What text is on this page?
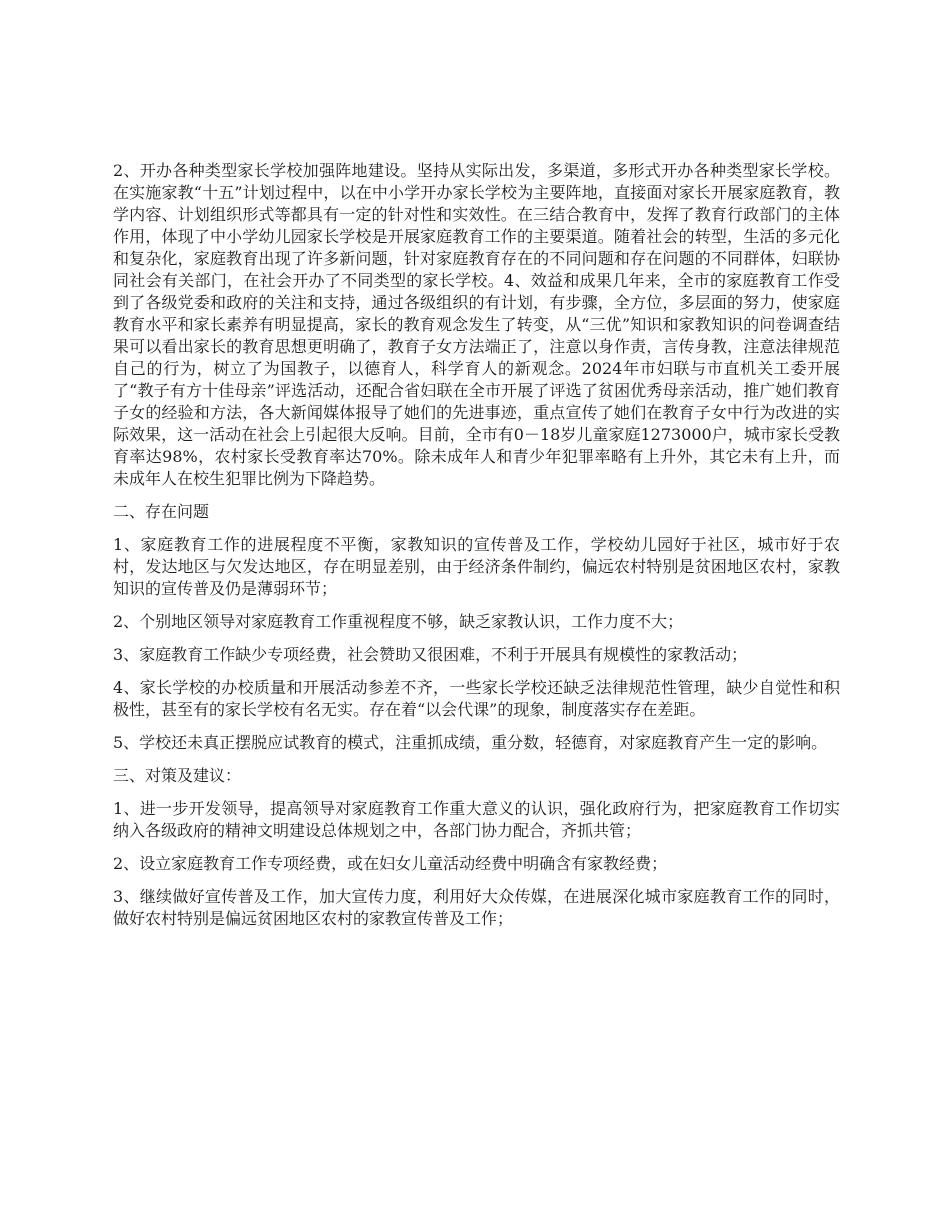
2、开办各种类型家长学校加强阵地建设。坚持从实际出发，多渠道，多形式开办各种类型家长学校。在实施家教“十五”计划过程中，以在中小学开办家长学校为主要阵地，直接面对家长开展家庭教育，教学内容、计划组织形式等都具有一定的针对性和实效性。在三结合教育中，发挥了教育行政部门的主体作用，体现了中小学幼儿园家长学校是开展家庭教育工作的主要渠道。随着社会的转型，生活的多元化和复杂化，家庭教育出现了许多新问题，针对家庭教育存在的不同问题和存在问题的不同群体，妇联协同社会有关部门，在社会开办了不同类型的家长学校。4、效益和成果几年来，全市的家庭教育工作受到了各级党委和政府的关注和支持，通过各级组织的有计划，有步骤，全方位，多层面的努力，使家庭教育水平和家长素养有明显提高，家长的教育观念发生了转变，从“三优”知识和家教知识的问卷调查结果可以看出家长的教育思想更明确了，教育子女方法端正了，注意以身作责，言传身教，注意法律规范自己的行为，树立了为国教子，以德育人，科学育人的新观念。2024年市妇联与市直机关工委开展了“教子有方十佳母亲”评选活动，还配合省妇联在全市开展了评选了贫困优秀母亲活动，推广她们教育子女的经验和方法，各大新闻媒体报导了她们的先进事迹，重点宣传了她们在教育子女中行为改进的实际效果，这一活动在社会上引起很大反响。目前，全市有0－18岁儿童家庭1273000户，城市家长受教育率达98%，农村家长受教育率达70%。除未成年人和青少年犯罪率略有上升外，其它未有上升，而未成年人在校生犯罪比例为下降趋势。

二、存在问题

1、家庭教育工作的进展程度不平衡，家教知识的宣传普及工作，学校幼儿园好于社区，城市好于农村，发达地区与欠发达地区，存在明显差别，由于经济条件制约，偏远农村特别是贫困地区农村，家教知识的宣传普及仍是薄弱环节；

2、个别地区领导对家庭教育工作重视程度不够，缺乏家教认识，工作力度不大；

3、家庭教育工作缺少专项经费，社会赞助又很困难，不利于开展具有规模性的家教活动；

4、家长学校的办校质量和开展活动参差不齐，一些家长学校还缺乏法律规范性管理，缺少自觉性和积极性，甚至有的家长学校有名无实。存在着“以会代课”的现象，制度落实存在差距。

5、学校还未真正摆脱应试教育的模式，注重抓成绩，重分数，轻德育，对家庭教育产生一定的影响。

三、对策及建议：

1、进一步开发领导，提高领导对家庭教育工作重大意义的认识，强化政府行为，把家庭教育工作切实纳入各级政府的精神文明建设总体规划之中，各部门协力配合，齐抓共管；

2、设立家庭教育工作专项经费，或在妇女儿童活动经费中明确含有家教经费；

3、继续做好宣传普及工作，加大宣传力度，利用好大众传媒，在进展深化城市家庭教育工作的同时，做好农村特别是偏远贫困地区农村的家教宣传普及工作；
